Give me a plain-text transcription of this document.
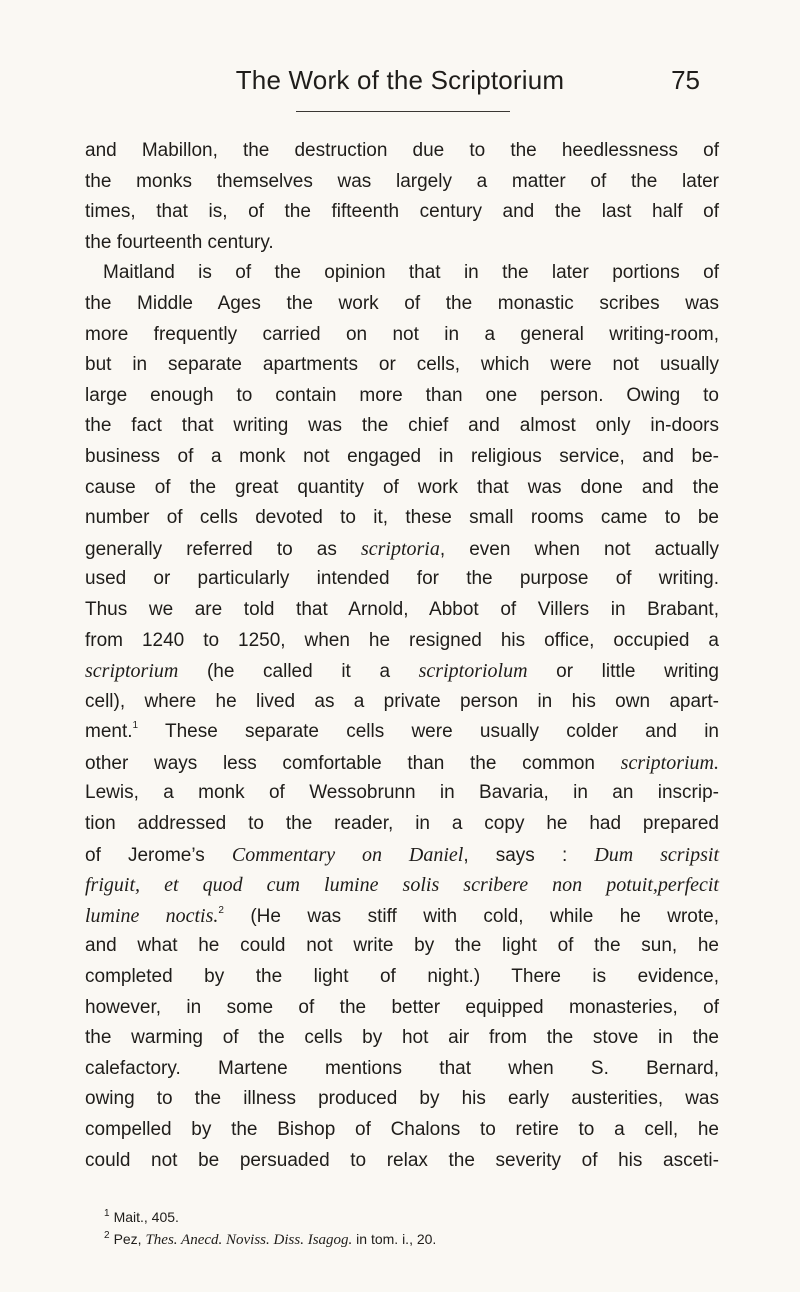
The Work of the Scriptorium	75
and Mabillon, the destruction due to the heedlessness of
the monks themselves was largely a matter of the later
times, that is, of the fifteenth century and the last half of
the fourteenth century.
Maitland is of the opinion that in the later portions of
the Middle Ages the work of the monastic scribes was
more frequently carried on not in a general writing-room,
but in separate apartments or cells, which were not usually
large enough to contain more than one person. Owing to
the fact that writing was the chief and almost only in-doors
business of a monk not engaged in religious service, and be-
cause of the great quantity of work that was done and the
number of cells devoted to it, these small rooms came to be
generally referred to as scriptoria, even when not actually
used or particularly intended for the purpose of writing.
Thus we are told that Arnold, Abbot of Villers in Brabant,
from 1240 to 1250, when he resigned his office, occupied a
scriptorium (he called it a scriptoriolum or little writing
cell), where he lived as a private person in his own apart-
ment.$^1$ These separate cells were usually colder and in
other ways less comfortable than the common scriptorium.
Lewis, a monk of Wessobrunn in Bavaria, in an inscrip-
tion addressed to the reader, in a copy he had prepared
of Jerome’s Commentary on Daniel, says : Dum scripsit
friguit, et quod cum lumine solis scribere non potuit,perfecit
lumine noctis.$^2$ (He was stiff with cold, while he wrote,
and what he could not write by the light of the sun, he
completed by the light of night.) There is evidence,
however, in some of the better equipped monasteries, of
the warming of the cells by hot air from the stove in the
calefactory. Martene mentions that when S. Bernard,
owing to the illness produced by his early austerities, was
compelled by the Bishop of Chalons to retire to a cell, he
could not be persuaded to relax the severity of his asceti-
$^1$ Mait., 405.
$^2$ Pez, Thes. Anecd. Noviss. Diss. Isagog. in tom. i., 20.
